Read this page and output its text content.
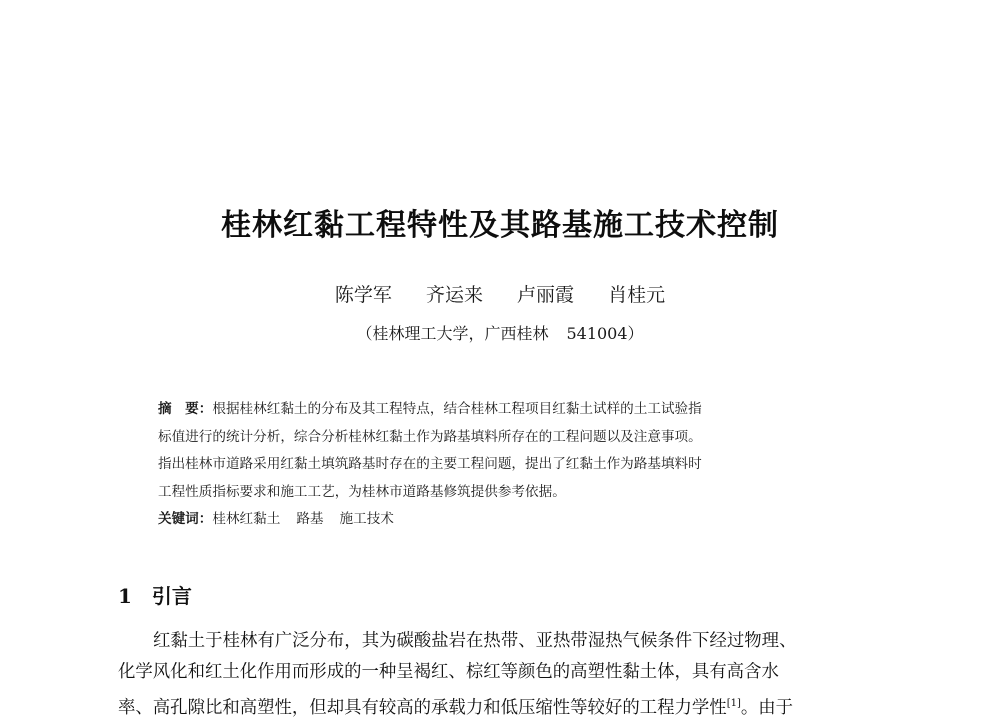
桂林红黏工程特性及其路基施工技术控制
陈学军 齐运来 卢丽霞 肖桂元
（桂林理工大学，广西桂林 541004）
摘　要：根据桂林红黏土的分布及其工程特点，结合桂林工程项目红黏土试样的土工试验指
标值进行的统计分析，综合分析桂林红黏土作为路基填料所存在的工程问题以及注意事项。
指出桂林市道路采用红黏土填筑路基时存在的主要工程问题，提出了红黏土作为路基填料时
工程性质指标要求和施工工艺，为桂林市道路基修筑提供参考依据。
关键词：桂林红黏土 路基 施工技术
1 引言
红黏土于桂林有广泛分布，其为碳酸盐岩在热带、亚热带湿热气候条件下经过物理、
化学风化和红土化作用而形成的一种呈褐红、棕红等颜色的高塑性黏土体，具有高含水
率、高孔隙比和高塑性，但却具有较高的承载力和低压缩性等较好的工程力学性[1]。由于
